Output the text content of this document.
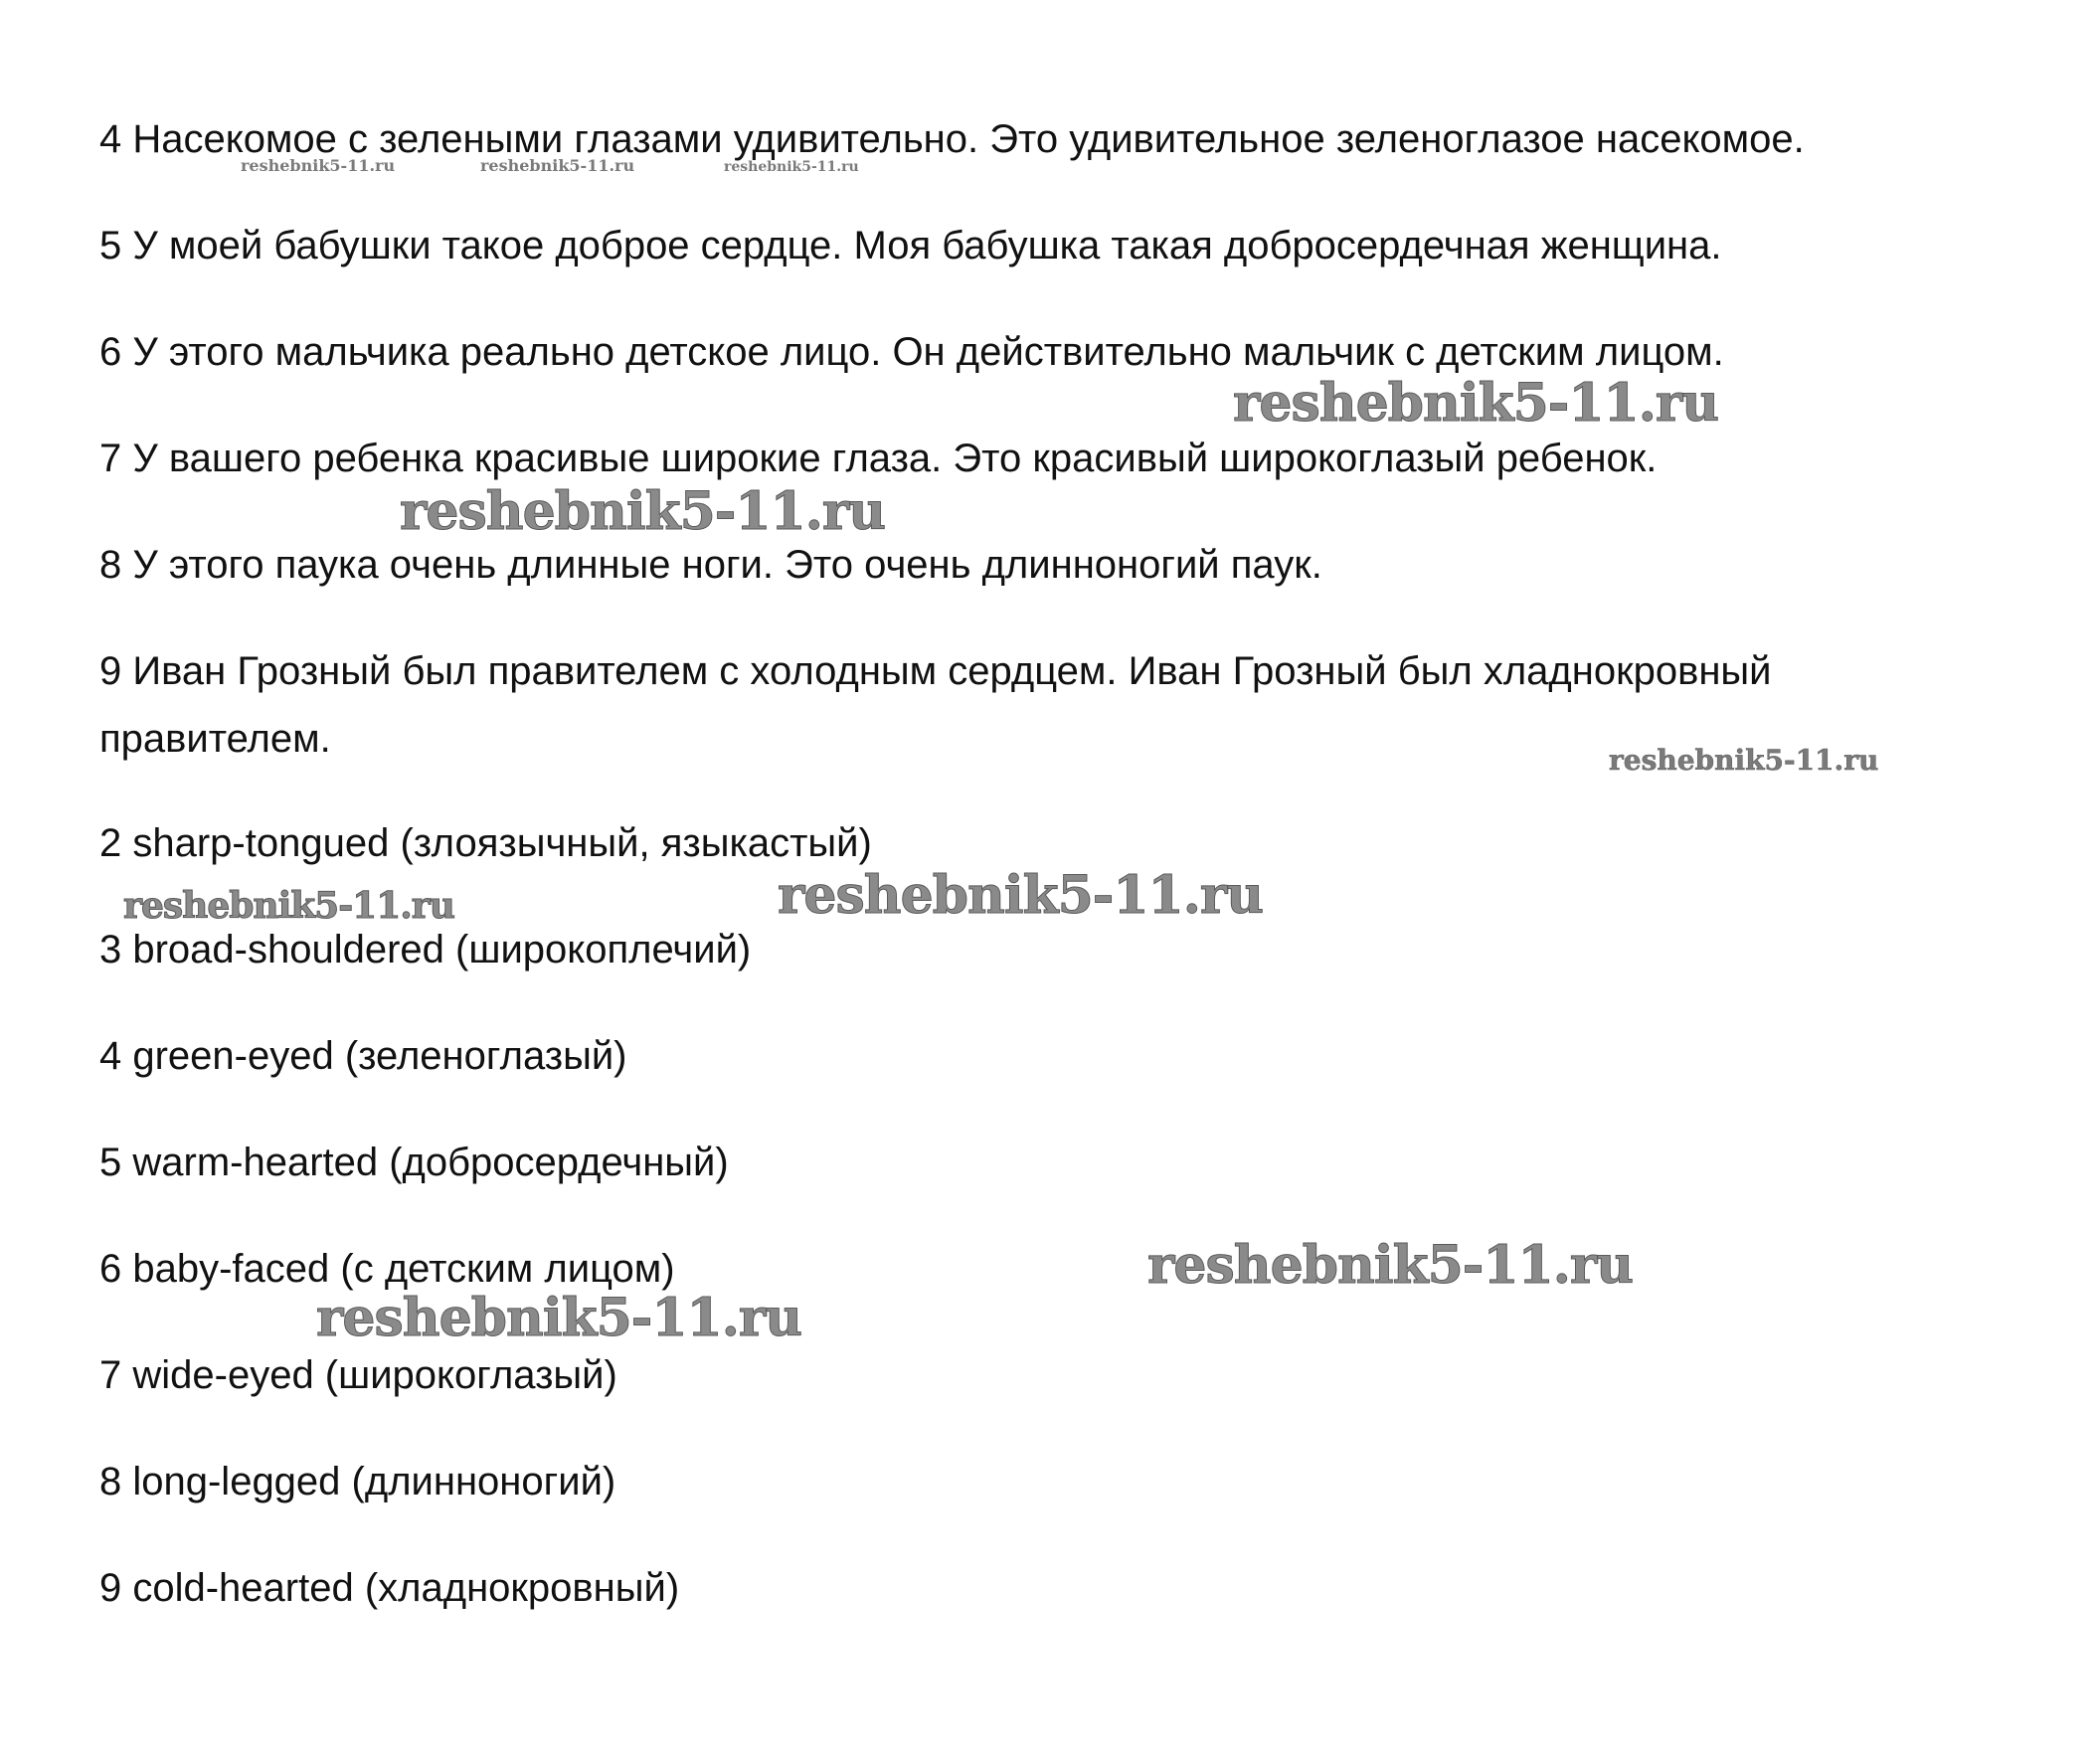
4 Насекомое с зелеными глазами удивительно. Это удивительное зеленоглазое насекомое.
5 У моей бабушки такое доброе сердце. Моя бабушка такая добросердечная женщина.
6 У этого мальчика реально детское лицо. Он действительно мальчик с детским лицом.
7 У вашего ребенка красивые широкие глаза. Это красивый широкоглазый ребенок.
8 У этого паука очень длинные ноги. Это очень длинноногий паук.
9 Иван Грозный был правителем с холодным сердцем. Иван Грозный был хладнокровный
правителем.
2 sharp-tongued (злоязычный, языкастый)
3 broad-shouldered (широкоплечий)
4 green-eyed (зеленоглазый)
5 warm-hearted (добросердечный)
6 baby-faced (с детским лицом)
7 wide-eyed (широкоглазый)
8 long-legged (длинноногий)
9 cold-hearted (хладнокровный)
reshebnik5-11.ru	reshebnik5-11.ru	reshebnik5-11.ru
reshebnik5-11.ru
reshebnik5-11.ru
reshebnik5-11.ru
reshebnik5-11.ru	reshebnik5-11.ru
reshebnik5-11.ru
reshebnik5-11.ru
